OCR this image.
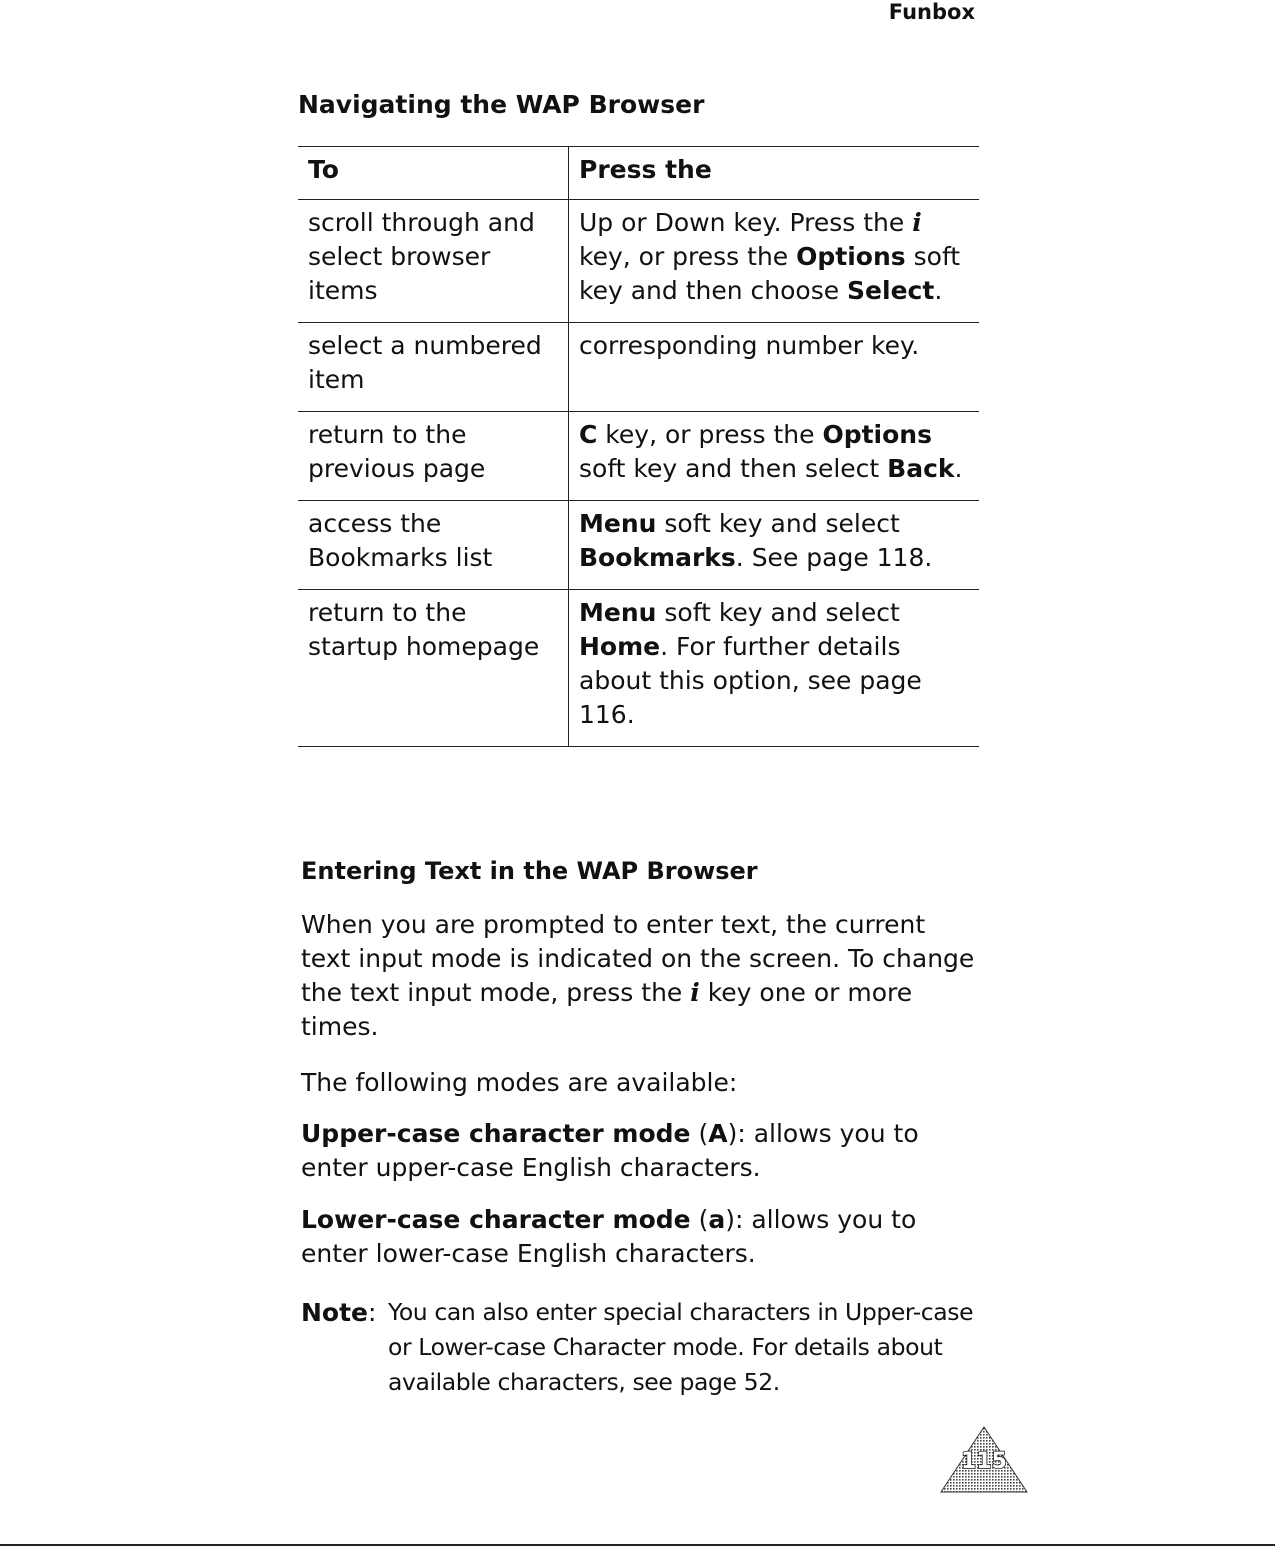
Funbox
Navigating the WAP Browser
To	Press the
scroll through and select browser items	Up or Down key. Press the i key, or press the Options soft key and then choose Select.
select a numbered item	corresponding number key.
return to the previous page	C key, or press the Options soft key and then select Back.
access the Bookmarks list	Menu soft key and select Bookmarks. See page 118.
return to the startup homepage	Menu soft key and select Home. For further details about this option, see page 116.
Entering Text in the WAP Browser

When you are prompted to enter text, the current text input mode is indicated on the screen. To change the text input mode, press the i key one or more times.

The following modes are available:

Upper-case character mode (A): allows you to enter upper-case English characters.

Lower-case character mode (a): allows you to enter lower-case English characters.

Note: You can also enter special characters in Upper-case or Lower-case Character mode. For details about available characters, see page 52.
115
